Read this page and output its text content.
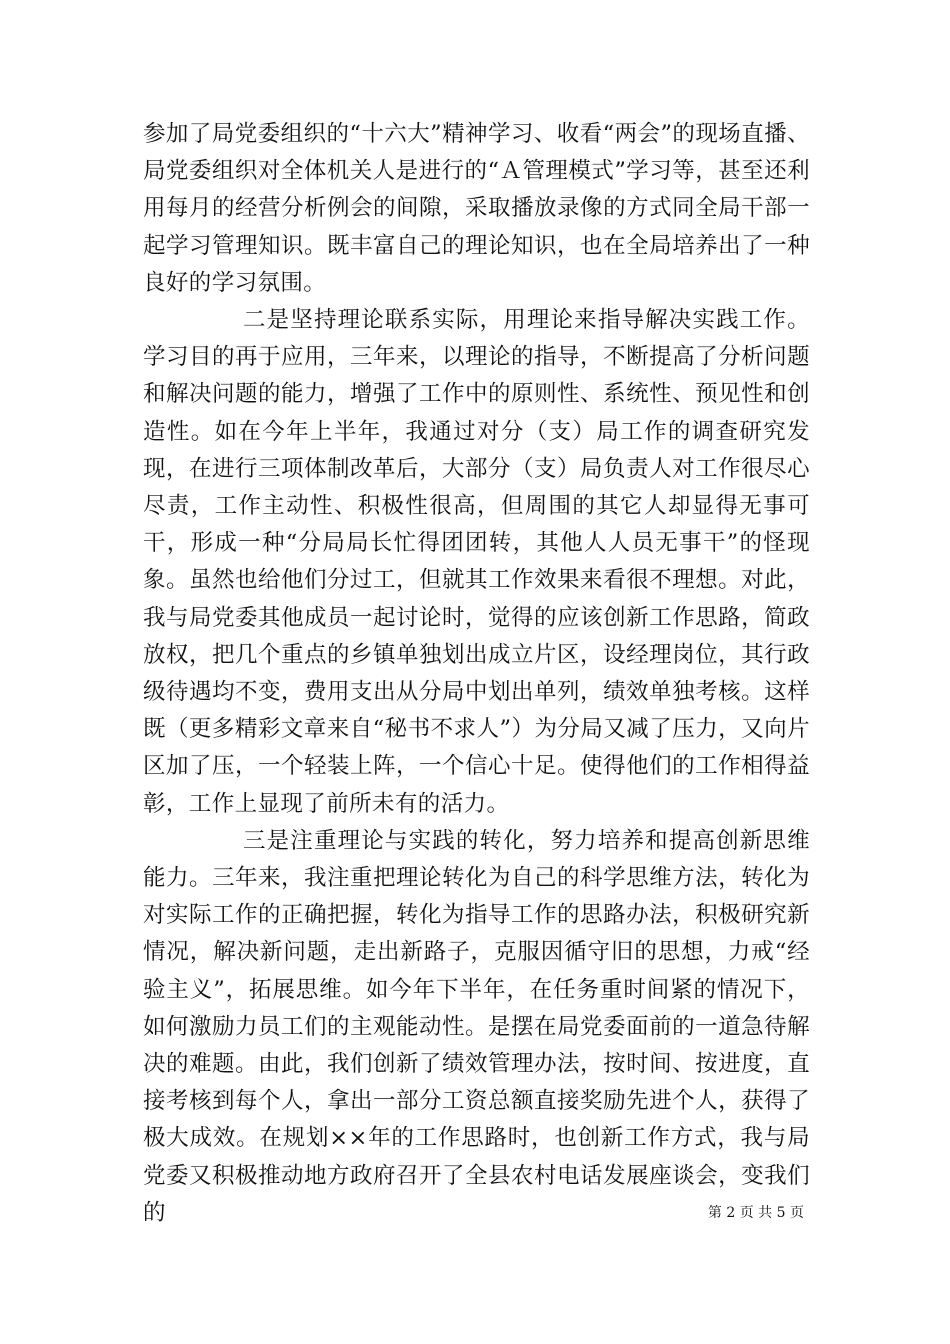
参加了局党委组织的“十六大”精神学习、收看“两会”的现场直播、局党委组织对全体机关人是进行的“Ａ管理模式”学习等，甚至还利用每月的经营分析例会的间隙，采取播放录像的方式同全局干部一起学习管理知识。既丰富自己的理论知识，也在全局培养出了一种良好的学习氛围。

二是坚持理论联系实际，用理论来指导解决实践工作。学习目的再于应用，三年来，以理论的指导，不断提高了分析问题和解决问题的能力，增强了工作中的原则性、系统性、预见性和创造性。如在今年上半年，我通过对分（支）局工作的调查研究发现，在进行三项体制改革后，大部分（支）局负责人对工作很尽心尽责，工作主动性、积极性很高，但周围的其它人却显得无事可干，形成一种“分局局长忙得团团转，其他人人员无事干”的怪现象。虽然也给他们分过工，但就其工作效果来看很不理想。对此，我与局党委其他成员一起讨论时，觉得的应该创新工作思路，简政放权，把几个重点的乡镇单独划出成立片区，设经理岗位，其行政级待遇均不变，费用支出从分局中划出单列，绩效单独考核。这样既（更多精彩文章来自“秘书不求人”）为分局又减了压力，又向片区加了压，一个轻装上阵，一个信心十足。使得他们的工作相得益彰，工作上显现了前所未有的活力。

三是注重理论与实践的转化，努力培养和提高创新思维能力。三年来，我注重把理论转化为自己的科学思维方法，转化为对实际工作的正确把握，转化为指导工作的思路办法，积极研究新情况，解决新问题，走出新路子，克服因循守旧的思想，力戒“经验主义”，拓展思维。如今年下半年，在任务重时间紧的情况下，如何激励力员工们的主观能动性。是摆在局党委面前的一道急待解决的难题。由此，我们创新了绩效管理办法，按时间、按进度，直接考核到每个人，拿出一部分工资总额直接奖励先进个人，获得了极大成效。在规划××年的工作思路时，也创新工作方式，我与局党委又积极推动地方政府召开了全县农村电话发展座谈会，变我们的	第 2 页 共 5 页
